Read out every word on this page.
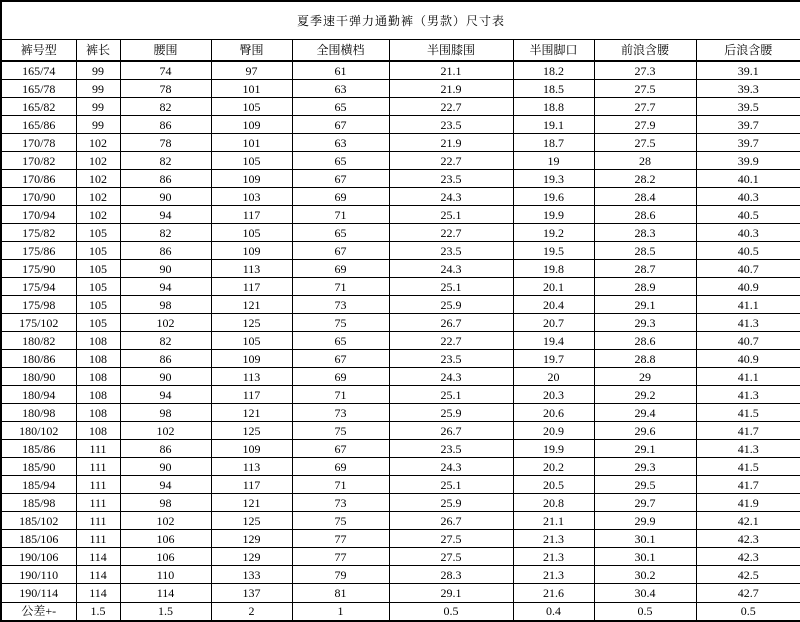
夏季速干弹力通勤裤（男款）尺寸表								
裤号型	裤长	腰围	臀围	全围横档	半围膝围	半围脚口	前浪含腰	后浪含腰
165/74	99	74	97	61	21.1	18.2	27.3	39.1
165/78	99	78	101	63	21.9	18.5	27.5	39.3
165/82	99	82	105	65	22.7	18.8	27.7	39.5
165/86	99	86	109	67	23.5	19.1	27.9	39.7
170/78	102	78	101	63	21.9	18.7	27.5	39.7
170/82	102	82	105	65	22.7	19	28	39.9
170/86	102	86	109	67	23.5	19.3	28.2	40.1
170/90	102	90	103	69	24.3	19.6	28.4	40.3
170/94	102	94	117	71	25.1	19.9	28.6	40.5
175/82	105	82	105	65	22.7	19.2	28.3	40.3
175/86	105	86	109	67	23.5	19.5	28.5	40.5
175/90	105	90	113	69	24.3	19.8	28.7	40.7
175/94	105	94	117	71	25.1	20.1	28.9	40.9
175/98	105	98	121	73	25.9	20.4	29.1	41.1
175/102	105	102	125	75	26.7	20.7	29.3	41.3
180/82	108	82	105	65	22.7	19.4	28.6	40.7
180/86	108	86	109	67	23.5	19.7	28.8	40.9
180/90	108	90	113	69	24.3	20	29	41.1
180/94	108	94	117	71	25.1	20.3	29.2	41.3
180/98	108	98	121	73	25.9	20.6	29.4	41.5
180/102	108	102	125	75	26.7	20.9	29.6	41.7
185/86	111	86	109	67	23.5	19.9	29.1	41.3
185/90	111	90	113	69	24.3	20.2	29.3	41.5
185/94	111	94	117	71	25.1	20.5	29.5	41.7
185/98	111	98	121	73	25.9	20.8	29.7	41.9
185/102	111	102	125	75	26.7	21.1	29.9	42.1
185/106	111	106	129	77	27.5	21.3	30.1	42.3
190/106	114	106	129	77	27.5	21.3	30.1	42.3
190/110	114	110	133	79	28.3	21.3	30.2	42.5
190/114	114	114	137	81	29.1	21.6	30.4	42.7
公差+-	1.5	1.5	2	1	0.5	0.4	0.5	0.5
